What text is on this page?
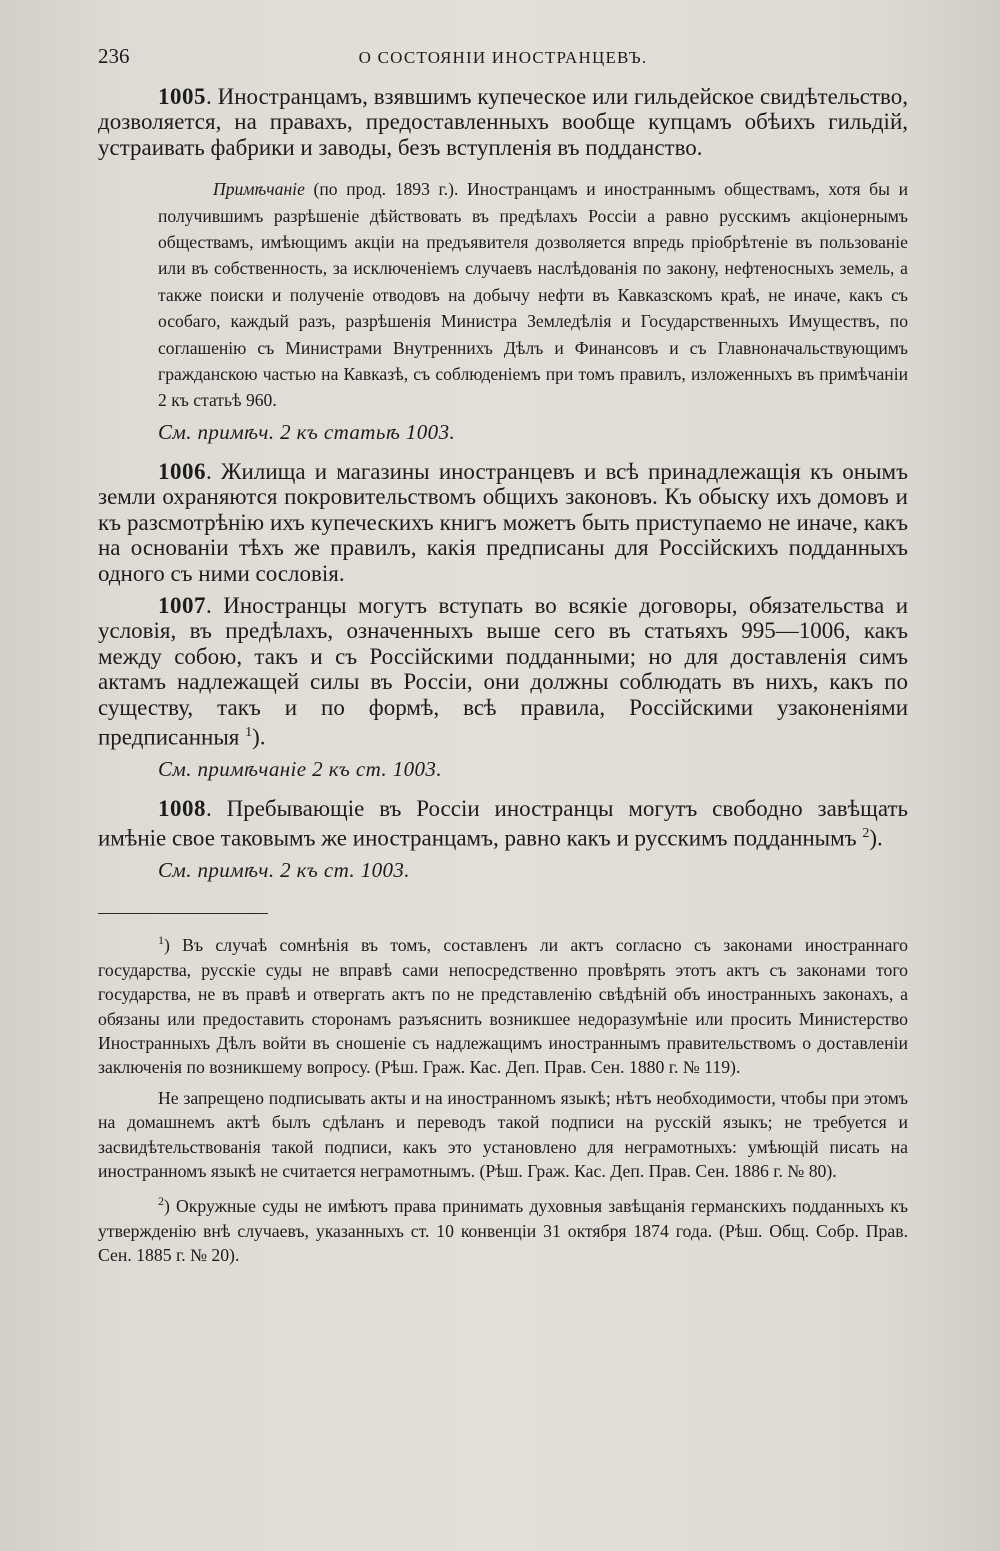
236	О СОСТОЯНІИ ИНОСТРАНЦЕВЪ.

1005. Иностранцамъ, взявшимъ купеческое или гильдейское свидѣтельство, дозволяется, на правахъ, предоставленныхъ вообще купцамъ обѣихъ гильдій, устраивать фабрики и заводы, безъ вступленія въ подданство.

Примѣчаніе (по прод. 1893 г.). Иностранцамъ и иностраннымъ обществамъ, хотя бы и получившимъ разрѣшеніе дѣйствовать въ предѣлахъ Россіи а равно русскимъ акціонернымъ обществамъ, имѣющимъ акціи на предъявителя дозволяется впредь пріобрѣтеніе въ пользованіе или въ собственность, за исключеніемъ случаевъ наслѣдованія по закону, нефтеносныхъ земель, а также поиски и полученіе отводовъ на добычу нефти въ Кавказскомъ краѣ, не иначе, какъ съ особаго, каждый разъ, разрѣшенія Министра Земледѣлія и Государственныхъ Имуществъ, по соглашенію съ Министрами Внутреннихъ Дѣлъ и Финансовъ и съ Главноначальствующимъ гражданскою частью на Кавказѣ, съ соблюденіемъ при томъ правилъ, изложенныхъ въ примѣчаніи 2 къ статьѣ 960.

См. примѣч. 2 къ статьѣ 1003.

1006. Жилища и магазины иностранцевъ и всѣ принадлежащія къ онымъ земли охраняются покровительствомъ общихъ законовъ. Къ обыску ихъ домовъ и къ разсмотрѣнію ихъ купеческихъ книгъ можетъ быть приступаемо не иначе, какъ на основаніи тѣхъ же правилъ, какія предписаны для Россійскихъ подданныхъ одного съ ними сословія.

1007. Иностранцы могутъ вступать во всякіе договоры, обязательства и условія, въ предѣлахъ, означенныхъ выше сего въ статьяхъ 995—1006, какъ между собою, такъ и съ Россійскими подданными; но для доставленія симъ актамъ надлежащей силы въ Россіи, они должны соблюдать въ нихъ, какъ по существу, такъ и по формѣ, всѣ правила, Россійскими узаконеніями предписанныя $^1$).

См. примѣчаніе 2 къ ст. 1003.

1008. Пребывающіе въ Россіи иностранцы могутъ свободно завѣщать имѣніе свое таковымъ же иностранцамъ, равно какъ и русскимъ подданнымъ $^2$).

См. примѣч. 2 къ ст. 1003.

$^1$) Въ случаѣ сомнѣнія въ томъ, составленъ ли актъ согласно съ законами иностраннаго государства, русскіе суды не вправѣ сами непосредственно провѣрять этотъ актъ съ законами того государства, не въ правѣ и отвергать актъ по не представленію свѣдѣній объ иностранныхъ законахъ, а обязаны или предоставить сторонамъ разъяснить возникшее недоразумѣніе или просить Министерство Иностранныхъ Дѣлъ войти въ сношеніе съ надлежащимъ иностраннымъ правительствомъ о доставленіи заключенія по возникшему вопросу. (Рѣш. Граж. Кас. Деп. Прав. Сен. 1880 г. № 119).

Не запрещено подписывать акты и на иностранномъ языкѣ; нѣтъ необходимости, чтобы при этомъ на домашнемъ актѣ былъ сдѣланъ и переводъ такой подписи на русскій языкъ; не требуется и засвидѣтельствованія такой подписи, какъ это установлено для неграмотныхъ: умѣющій писать на иностранномъ языкѣ не считается неграмотнымъ. (Рѣш. Граж. Кас. Деп. Прав. Сен. 1886 г. № 80).

$^2$) Окружные суды не имѣютъ права принимать духовныя завѣщанія германскихъ подданныхъ къ утвержденію внѣ случаевъ, указанныхъ ст. 10 конвенціи 31 октября 1874 года. (Рѣш. Общ. Собр. Прав. Сен. 1885 г. № 20).
